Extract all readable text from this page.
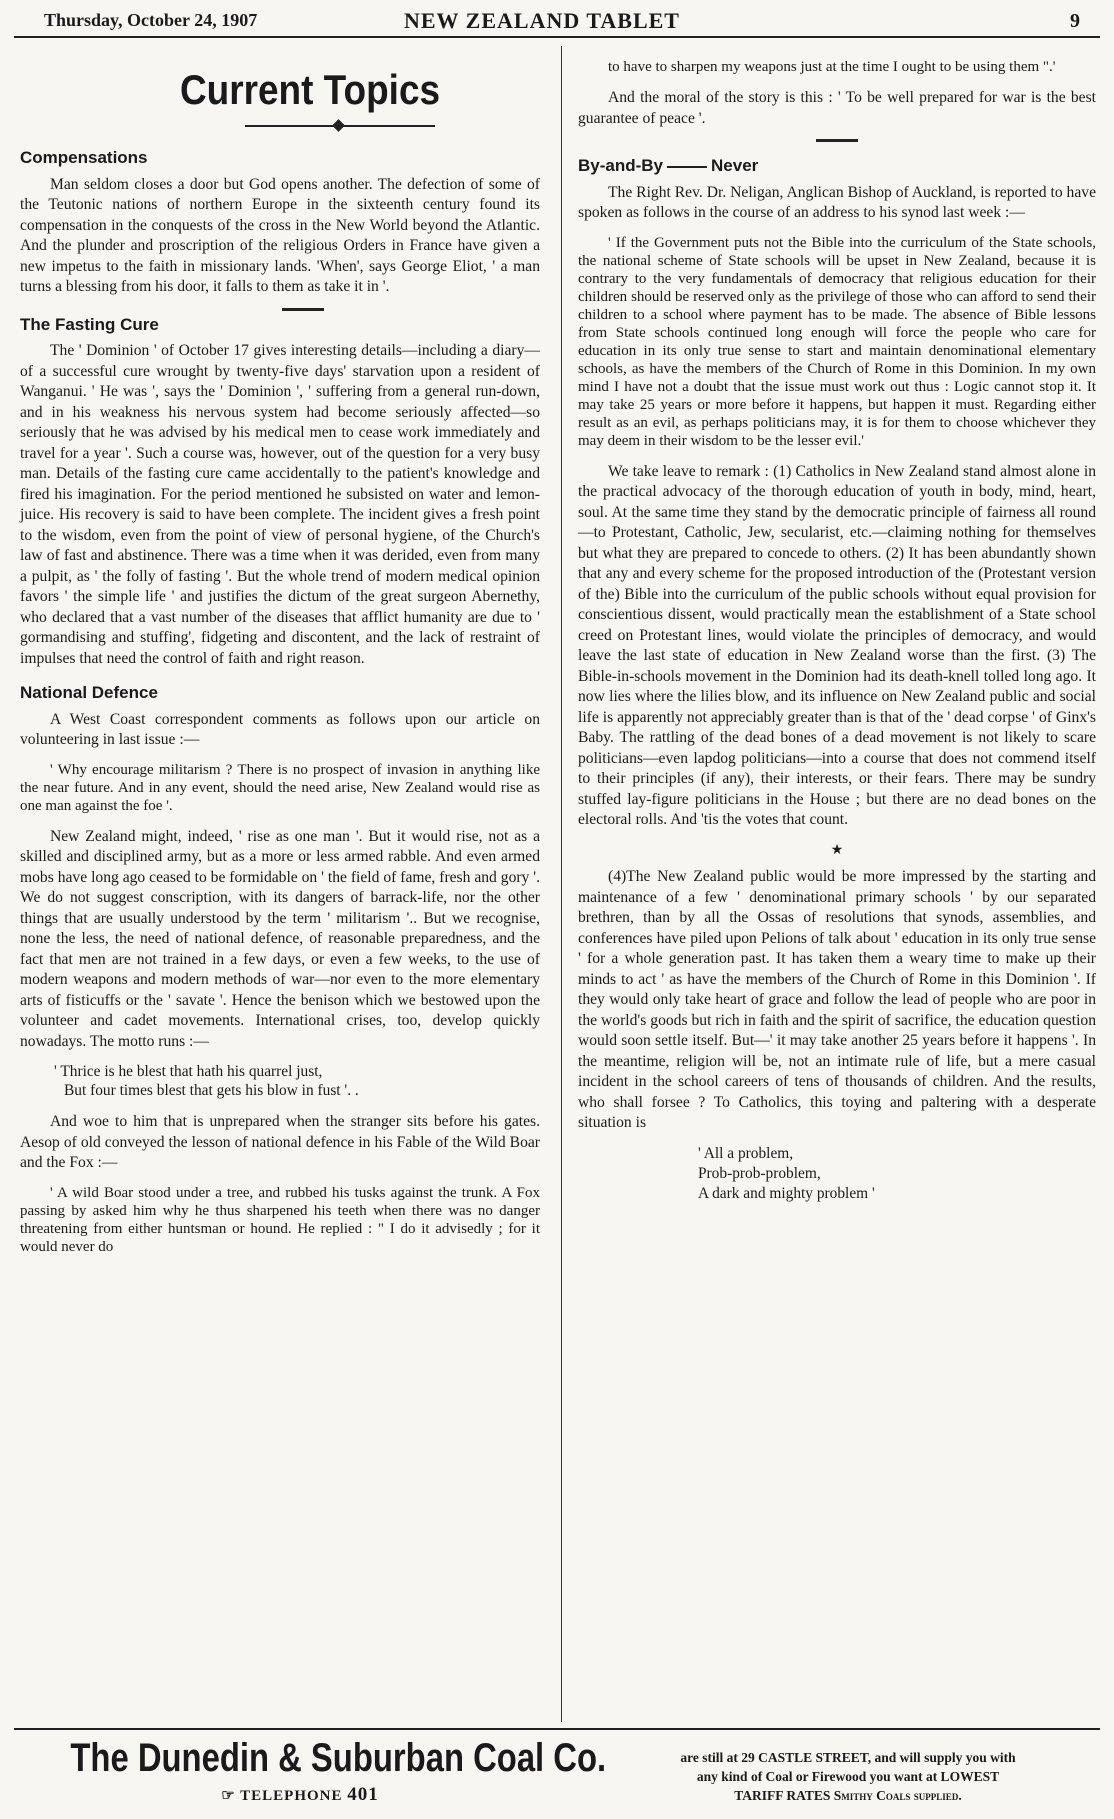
Thursday, October 24, 1907	NEW ZEALAND TABLET	9
Current Topics
Compensations

Man seldom closes a door but God opens another. The defection of some of the Teutonic nations of northern Europe in the sixteenth century found its compensation in the conquests of the cross in the New World beyond the Atlantic. And the plunder and proscription of the religious Orders in France have given a new impetus to the faith in missionary lands. 'When', says George Eliot, ' a man turns a blessing from his door, it falls to them as take it in '.

The Fasting Cure

The ' Dominion ' of October 17 gives interesting details—including a diary—of a successful cure wrought by twenty-five days' starvation upon a resident of Wanganui. ' He was ', says the ' Dominion ', ' suffering from a general run-down, and in his weakness his nervous system had become seriously affected—so seriously that he was advised by his medical men to cease work immediately and travel for a year '. Such a course was, however, out of the question for a very busy man. Details of the fasting cure came accidentally to the patient's knowledge and fired his imagination. For the period mentioned he subsisted on water and lemon-juice. His recovery is said to have been complete. The incident gives a fresh point to the wisdom, even from the point of view of personal hygiene, of the Church's law of fast and abstinence. There was a time when it was derided, even from many a pulpit, as ' the folly of fasting '. But the whole trend of modern medical opinion favors ' the simple life ' and justifies the dictum of the great surgeon Abernethy, who declared that a vast number of the diseases that afflict humanity are due to ' gormandising and stuffing', fidgeting and discontent, and the lack of restraint of impulses that need the control of faith and right reason.

National Defence

A West Coast correspondent comments as follows upon our article on volunteering in last issue :—

' Why encourage militarism ? There is no prospect of invasion in anything like the near future. And in any event, should the need arise, New Zealand would rise as one man against the foe '.

New Zealand might, indeed, ' rise as one man '. But it would rise, not as a skilled and disciplined army, but as a more or less armed rabble. And even armed mobs have long ago ceased to be formidable on ' the field of fame, fresh and gory '. We do not suggest conscription, with its dangers of barrack-life, nor the other things that are usually understood by the term ' militarism '.. But we recognise, none the less, the need of national defence, of reasonable preparedness, and the fact that men are not trained in a few days, or even a few weeks, to the use of modern weapons and modern methods of war—nor even to the more elementary arts of fisticuffs or the ' savate '. Hence the benison which we bestowed upon the volunteer and cadet movements. International crises, too, develop quickly nowadays. The motto runs :—

' Thrice is he blest that hath his quarrel just,
But four times blest that gets his blow in fust '. .

And woe to him that is unprepared when the stranger sits before his gates. Aesop of old conveyed the lesson of national defence in his Fable of the Wild Boar and the Fox :—

' A wild Boar stood under a tree, and rubbed his tusks against the trunk. A Fox passing by asked him why he thus sharpened his teeth when there was no danger threatening from either huntsman or hound. He replied : " I do it advisedly ; for it would never do
to have to sharpen my weapons just at the time I ought to be using them ".'

And the moral of the story is this : ' To be well prepared for war is the best guarantee of peace '.

By-and-By	Never

The Right Rev. Dr. Neligan, Anglican Bishop of Auckland, is reported to have spoken as follows in the course of an address to his synod last week :—

' If the Government puts not the Bible into the curriculum of the State schools, the national scheme of State schools will be upset in New Zealand, because it is contrary to the very fundamentals of democracy that religious education for their children should be reserved only as the privilege of those who can afford to send their children to a school where payment has to be made. The absence of Bible lessons from State schools continued long enough will force the people who care for education in its only true sense to start and maintain denominational elementary schools, as have the members of the Church of Rome in this Dominion. In my own mind I have not a doubt that the issue must work out thus : Logic cannot stop it. It may take 25 years or more before it happens, but happen it must. Regarding either result as an evil, as perhaps politicians may, it is for them to choose whichever they may deem in their wisdom to be the lesser evil.'

We take leave to remark : (1) Catholics in New Zealand stand almost alone in the practical advocacy of the thorough education of youth in body, mind, heart, soul. At the same time they stand by the democratic principle of fairness all round—to Protestant, Catholic, Jew, secularist, etc.—claiming nothing for themselves but what they are prepared to concede to others. (2) It has been abundantly shown that any and every scheme for the proposed introduction of the (Protestant version of the) Bible into the curriculum of the public schools without equal provision for conscientious dissent, would practically mean the establishment of a State school creed on Protestant lines, would violate the principles of democracy, and would leave the last state of education in New Zealand worse than the first. (3) The Bible-in-schools movement in the Dominion had its death-knell tolled long ago. It now lies where the lilies blow, and its influence on New Zealand public and social life is apparently not appreciably greater than is that of the ' dead corpse ' of Ginx's Baby. The rattling of the dead bones of a dead movement is not likely to scare politicians—even lapdog politicians—into a course that does not commend itself to their principles (if any), their interests, or their fears. There may be sundry stuffed lay-figure politicians in the House ; but there are no dead bones on the electoral rolls. And 'tis the votes that count.

★

(4)The New Zealand public would be more impressed by the starting and maintenance of a few ' denominational primary schools ' by our separated brethren, than by all the Ossas of resolutions that synods, assemblies, and conferences have piled upon Pelions of talk about ' education in its only true sense ' for a whole generation past. It has taken them a weary time to make up their minds to act ' as have the members of the Church of Rome in this Dominion '. If they would only take heart of grace and follow the lead of people who are poor in the world's goods but rich in faith and the spirit of sacrifice, the education question would soon settle itself. But—' it may take another 25 years before it happens '. In the meantime, religion will be, not an intimate rule of life, but a mere casual incident in the school careers of tens of thousands of children. And the results, who shall forsee ? To Catholics, this toying and paltering with a desperate situation is

' All a problem,
Prob-prob-problem,
A dark and mighty problem '
The Dunedin & Suburban Coal Co.
☞ TELEPHONE 401
are still at 29 CASTLE STREET, and will supply you with
any kind of Coal or Firewood you want at LOWEST
TARIFF RATES Smithy Coals supplied.
